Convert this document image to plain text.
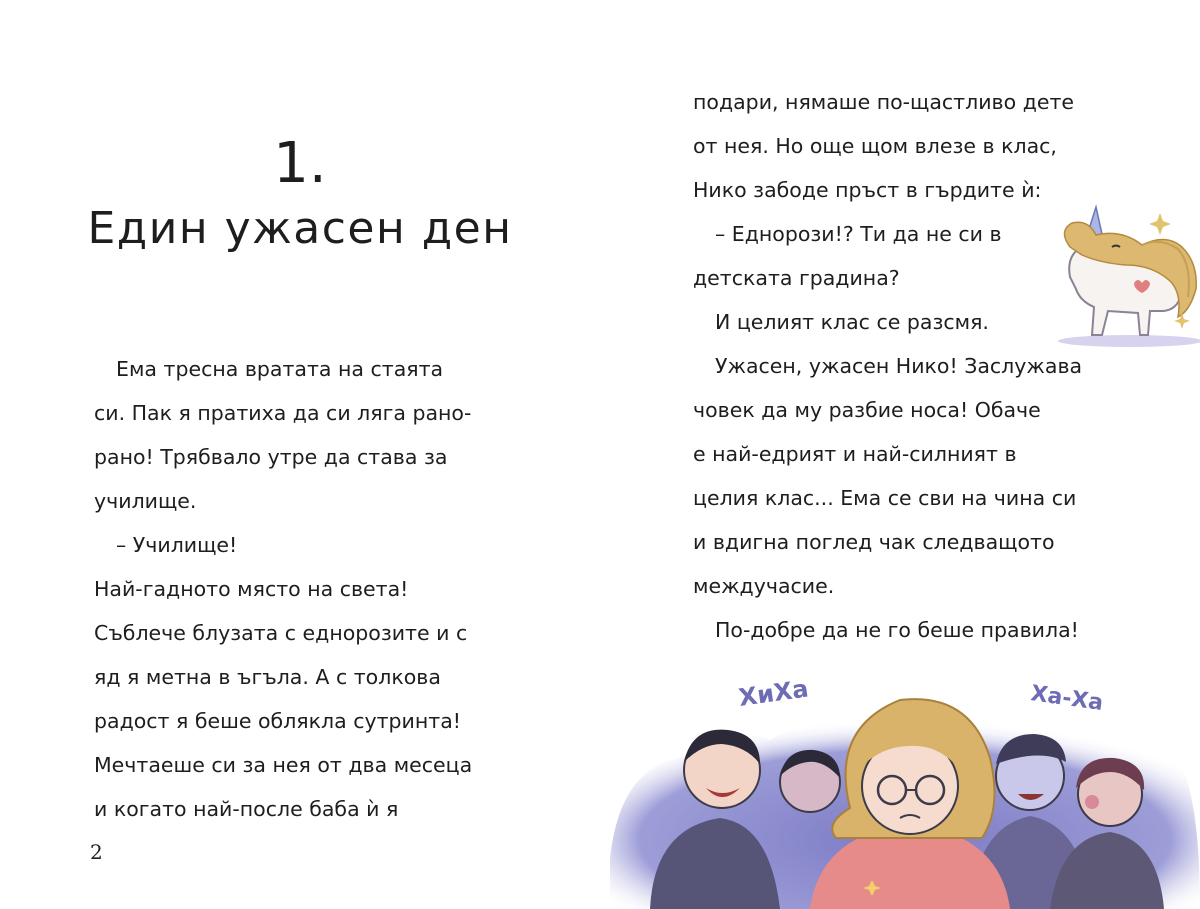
1.
Един ужасен ден
Ема тресна вратата на стаята
си. Пак я пратиха да си ляга рано-
рано! Трябвало утре да става за
училище.
– Училище!
Най-гадното място на света!
Съблече блузата с еднорозите и с
яд я метна в ъгъла. А с толкова
радост я беше облякла сутринта!
Мечтаеше си за нея от два месеца
и когато най-после баба ѝ я
2
подари, нямаше по-щастливо дете
от нея. Но още щом влезе в клас,
Нико забоде пръст в гърдите ѝ:
– Еднорози!? Ти да не си в
детската градина?
И целият клас се разсмя.
Ужасен, ужасен Нико! Заслужава
човек да му разбие носа! Обаче
е най-едрият и най-силният в
целия клас... Ема се сви на чина си
и вдигна поглед чак следващото
междучасие.
По-добре да не го беше правила!
ХиХа	Ха-Ха
